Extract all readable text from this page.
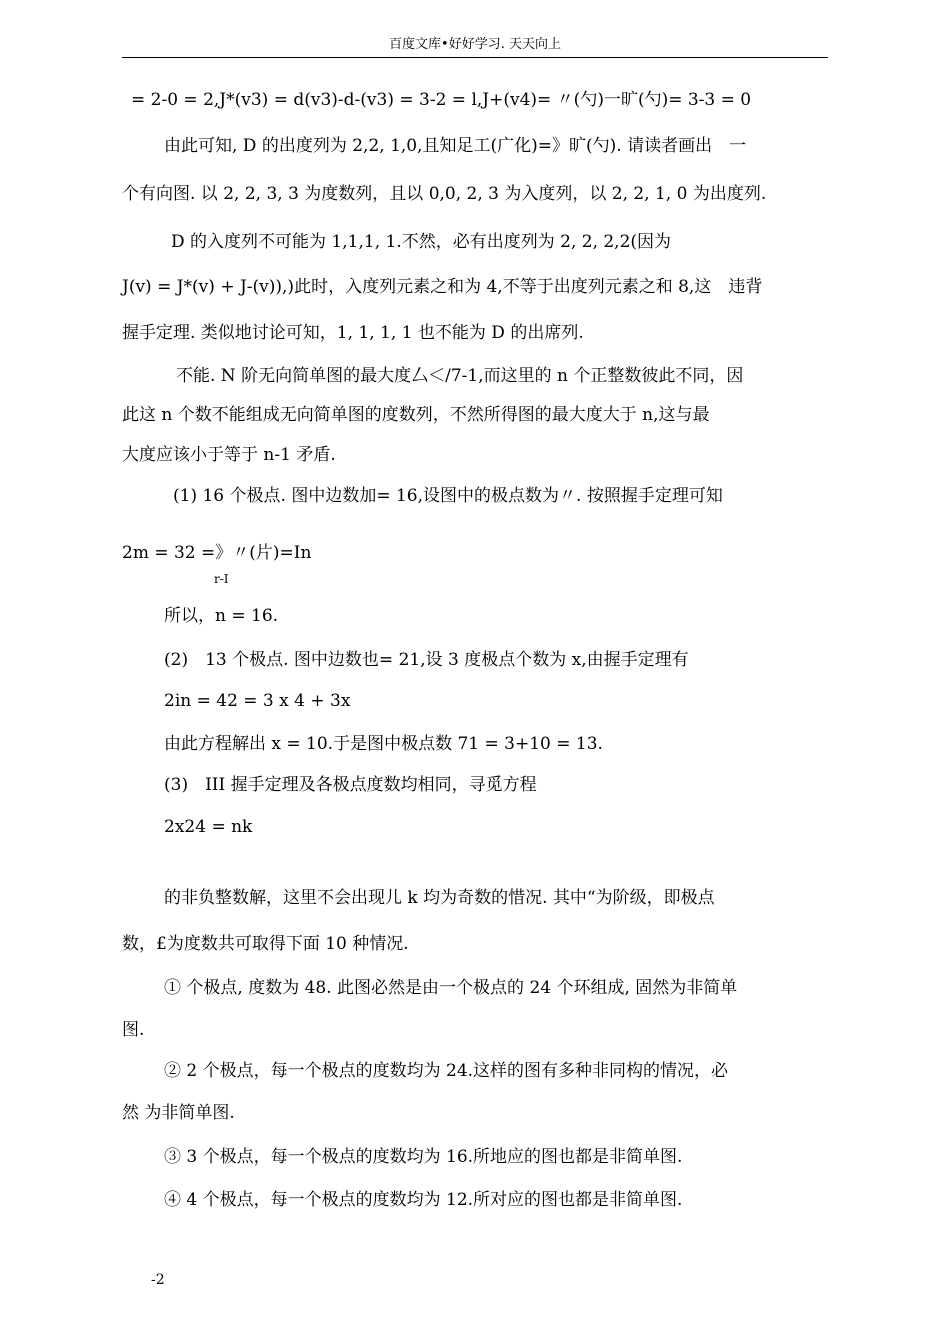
百度文库•好好学习. 天天向上
= 2-0 = 2,J*(v3) = d(v3)-d-(v3) = 3-2 = l,J+(v4)= 〃(勺)一旷(勺)= 3-3 = 0
由此可知, D 的出度列为 2,2, 1,0,且知足工(广化)=》旷(勺). 请读者画出　一
个有向图. 以 2, 2, 3, 3 为度数列，且以 0,0, 2, 3 为入度列，以 2, 2, 1, 0 为出度列.
D 的入度列不可能为 1,1,1, 1.不然，必有出度列为 2, 2, 2,2(因为
J(v) = J*(v) + J-(v)),)此时，入度列元素之和为 4,不等于出度列元素之和 8,这　违背
握手定理. 类似地讨论可知，1, 1, 1, 1 也不能为 D 的出席列.
不能. N 阶无向简单图的最大度厶＜/7-1,而这里的 n 个正整数彼此不同，因
此这 n 个数不能组成无向简单图的度数列，不然所得图的最大度大于 n,这与最
大度应该小于等于 n-1 矛盾.
(1) 16 个极点. 图中边数加= 16,设图中的极点数为〃. 按照握手定理可知
2m = 32 =》〃(片)=In
r-I
所以，n = 16.
(2)　13 个极点. 图中边数也= 21,设 3 度极点个数为 x,由握手定理有
2in = 42 = 3 x 4 + 3x
由此方程解出 x = 10.于是图中极点数 71 = 3+10 = 13.
(3)　III 握手定理及各极点度数均相同，寻觅方程
2x24 = nk
的非负整数解，这里不会出现儿 k 均为奇数的惜况. 其中“为阶级，即极点
数，£为度数共可取得下面 10 种情况.
① 个极点, 度数为 48. 此图必然是由一个极点的 24 个环组成, 固然为非简单
图.
② 2 个极点，每一个极点的度数均为 24.这样的图有多种非同构的情况，必
然 为非简单图.
③ 3 个极点，每一个极点的度数均为 16.所地应的图也都是非简单图.
④ 4 个极点，每一个极点的度数均为 12.所对应的图也都是非简单图.
-2
